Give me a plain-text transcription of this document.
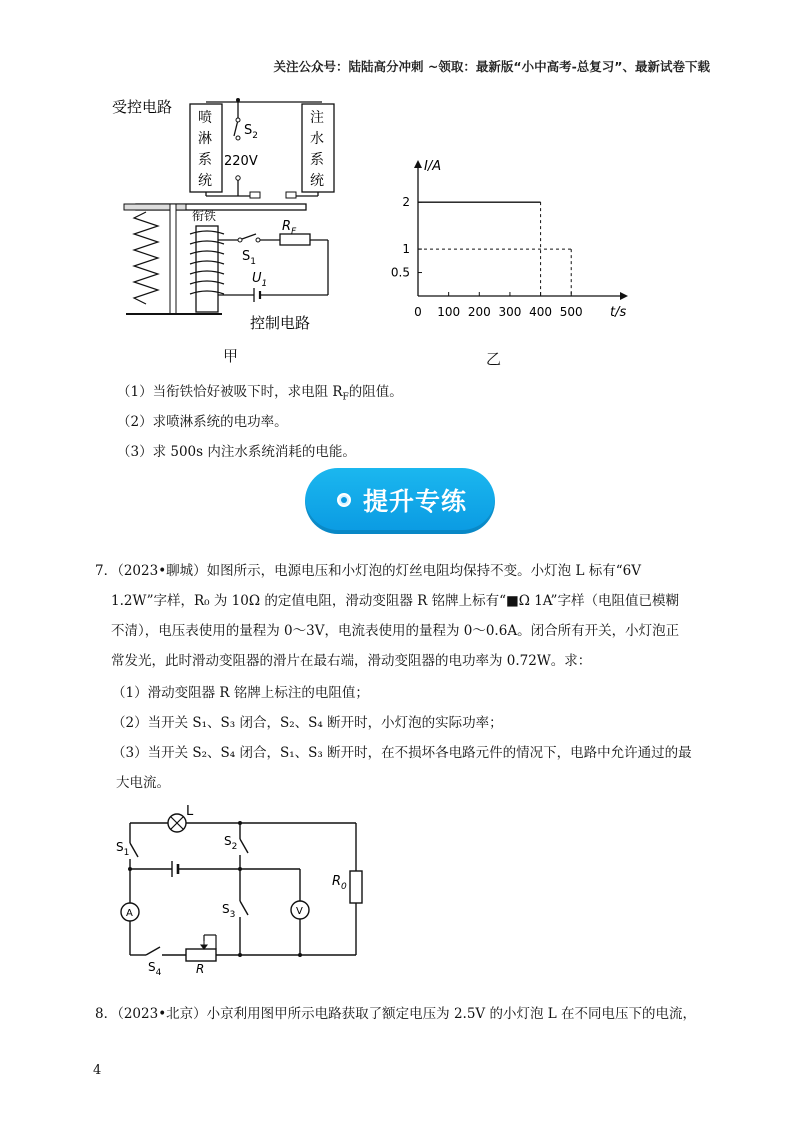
关注公众号：陆陆高分冲刺 ~领取：最新版“小中高考-总复习”、最新试卷下载
受控电路
$S_2$
220V
喷
淋
系
统
注
水
系
统
衔铁
$S_1$
$R_F$
$U_1$
控制电路
甲
I/A
t/s
0 100 200 300 400 500
0.5
1
2
乙
（1）当衔铁恰好被吸下时，求电阻 $R_F$的阻值。
（2）求喷淋系统的电功率。
（3）求 500s 内注水系统消耗的电能。
提升专练
7．（2023•聊城）如图所示，电源电压和小灯泡的灯丝电阻均保持不变。小灯泡 L 标有“6V
1.2W”字样，R₀ 为 10Ω 的定值电阻，滑动变阻器 R 铭牌上标有“■Ω 1A”字样（电阻值已模糊
不清），电压表使用的量程为 0～3V，电流表使用的量程为 0～0.6A。闭合所有开关，小灯泡正
常发光，此时滑动变阻器的滑片在最右端，滑动变阻器的电功率为 0.72W。求：
（1）滑动变阻器 R 铭牌上标注的电阻值；
（2）当开关 S₁、S₃ 闭合，S₂、S₄ 断开时，小灯泡的实际功率；
（3）当开关 S₂、S₄ 闭合，S₁、S₃ 断开时，在不损坏各电路元件的情况下，电路中允许通过的最
大电流。
L
$R_0$
$S_1$
$S_2$
V
$S_3$
A
$S_4$	R
8．（2023•北京）小京利用图甲所示电路获取了额定电压为 2.5V 的小灯泡 L 在不同电压下的电流，
4
